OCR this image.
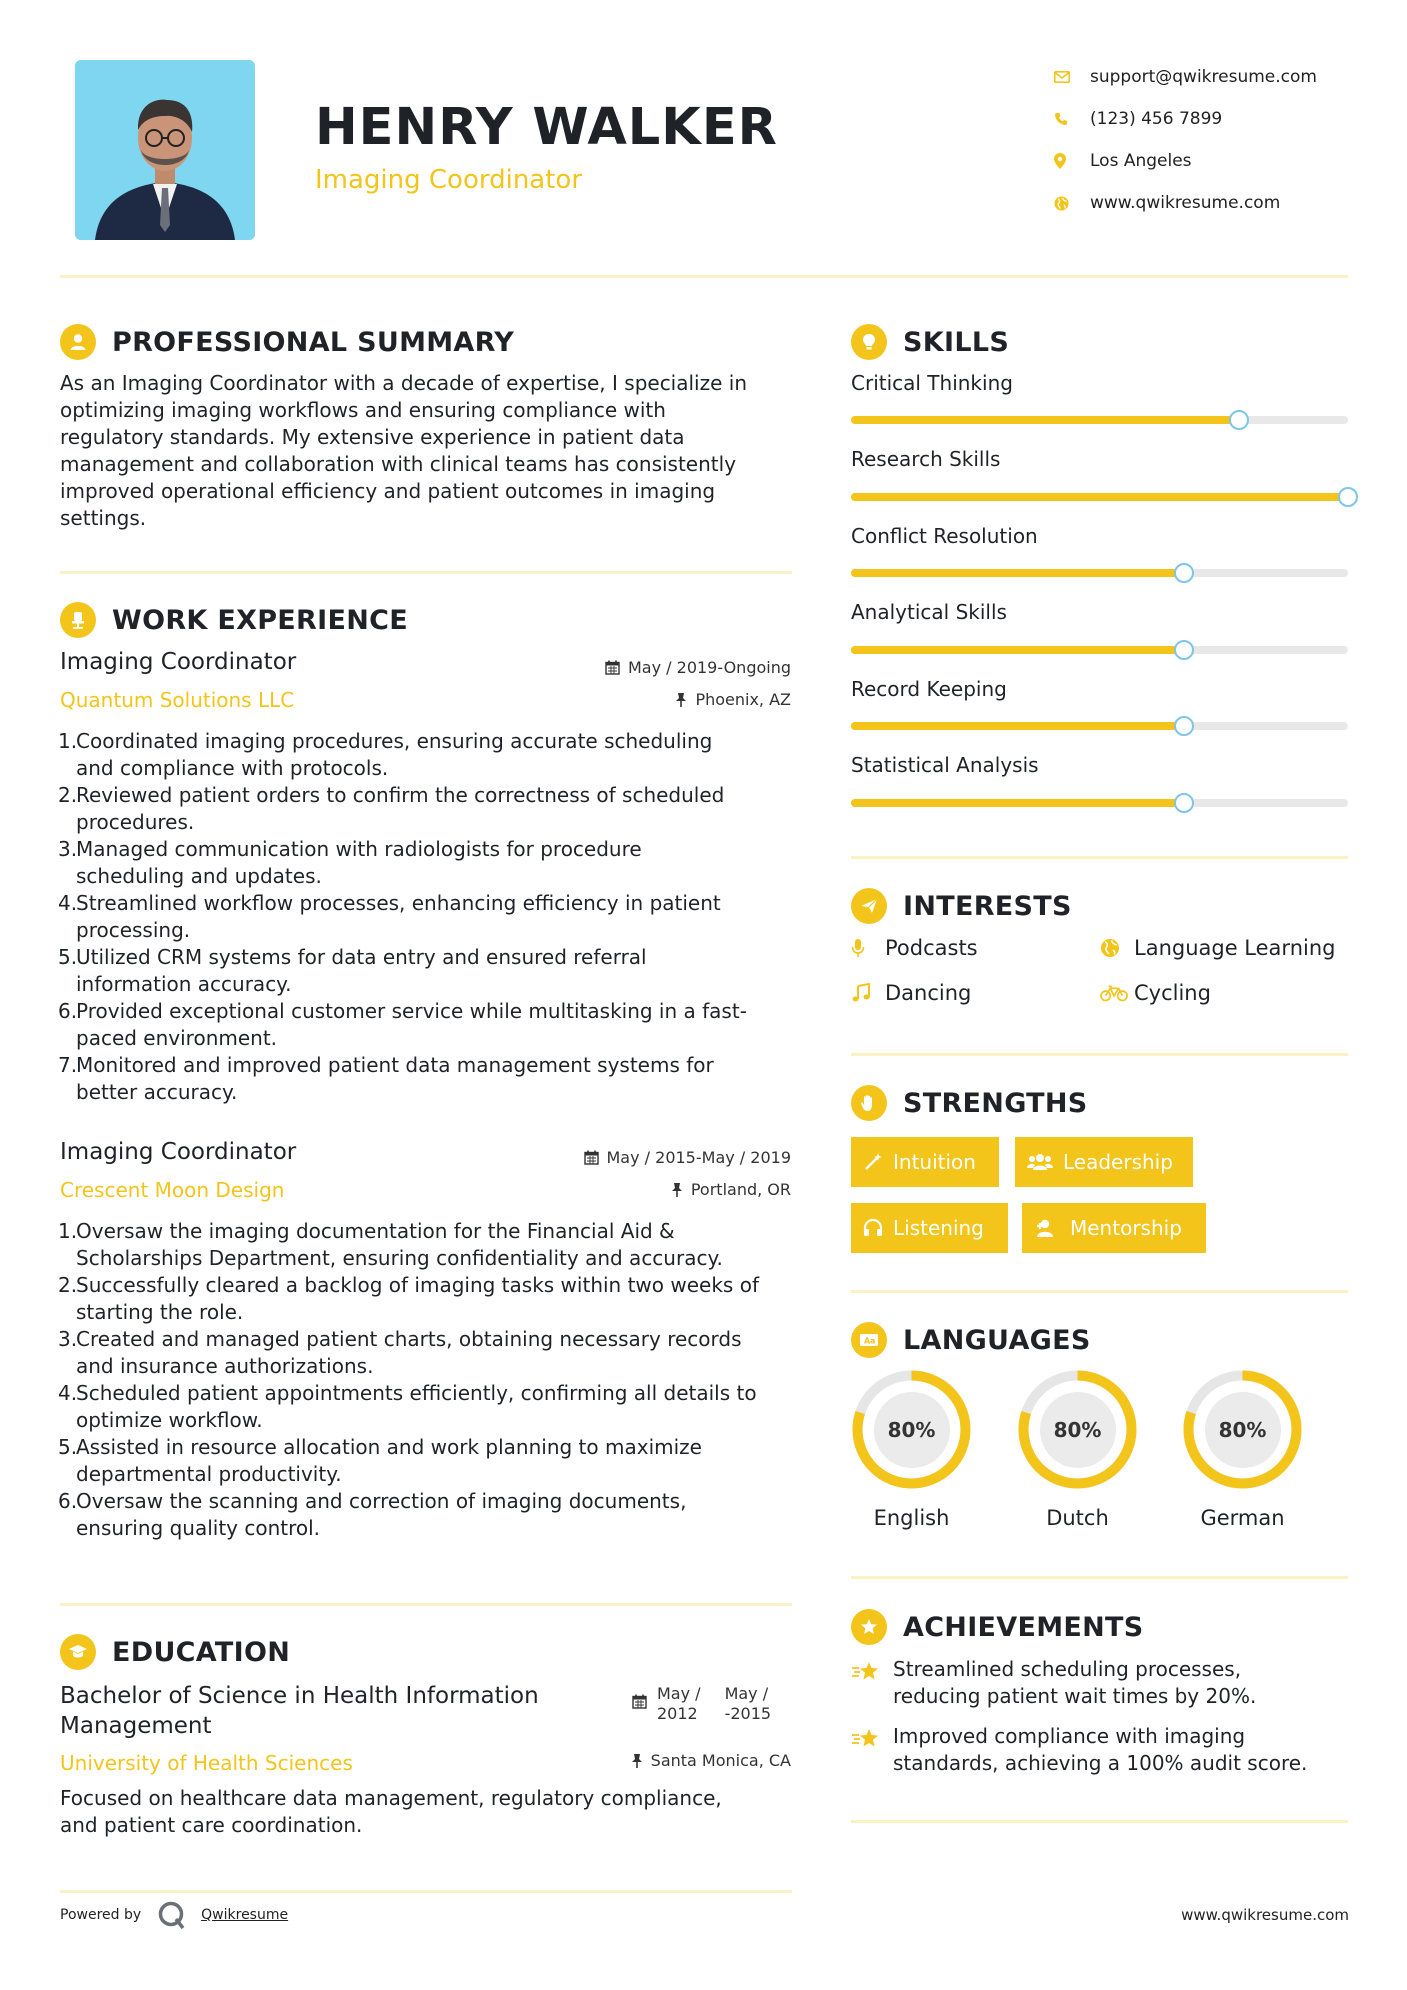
HENRY WALKER
Imaging Coordinator
support@qwikresume.com
(123) 456 7899
Los Angeles
www.qwikresume.com
PROFESSIONAL SUMMARY
As an Imaging Coordinator with a decade of expertise, I specialize in
optimizing imaging workflows and ensuring compliance with
regulatory standards. My extensive experience in patient data
management and collaboration with clinical teams has consistently
improved operational efficiency and patient outcomes in imaging
settings.
WORK EXPERIENCE
Imaging Coordinator
Quantum Solutions LLC
May / 2019-Ongoing
Phoenix, AZ
1.
Coordinated imaging procedures, ensuring accurate scheduling
and compliance with protocols.
2.
Reviewed patient orders to confirm the correctness of scheduled
procedures.
3.
Managed communication with radiologists for procedure
scheduling and updates.
4.
Streamlined workflow processes, enhancing efficiency in patient
processing.
5.
Utilized CRM systems for data entry and ensured referral
information accuracy.
6.
Provided exceptional customer service while multitasking in a fast-
paced environment.
7.
Monitored and improved patient data management systems for
better accuracy.
Imaging Coordinator
Crescent Moon Design
May / 2015-May / 2019
Portland, OR
1.
Oversaw the imaging documentation for the Financial Aid &
Scholarships Department, ensuring confidentiality and accuracy.
2.
Successfully cleared a backlog of imaging tasks within two weeks of
starting the role.
3.
Created and managed patient charts, obtaining necessary records
and insurance authorizations.
4.
Scheduled patient appointments efficiently, confirming all details to
optimize workflow.
5.
Assisted in resource allocation and work planning to maximize
departmental productivity.
6.
Oversaw the scanning and correction of imaging documents,
ensuring quality control.
EDUCATION
Bachelor of Science in Health Information
Management
University of Health Sciences
May /
2012
May /
-2015
Santa Monica, CA
Focused on healthcare data management, regulatory compliance,
and patient care coordination.
SKILLS
Critical Thinking
Research Skills
Conflict Resolution
Analytical Skills
Record Keeping
Statistical Analysis
INTERESTS
Podcasts	Language Learning
Dancing	Cycling
STRENGTHS
Intuition	Leadership
Listening	Mentorship
A a LANGUAGES
80%
English
80%
Dutch
80%
German
ACHIEVEMENTS
Streamlined scheduling processes,
reducing patient wait times by 20%.
Improved compliance with imaging
standards, achieving a 100% audit score.
Powered by	Qwikresume	www.qwikresume.com
